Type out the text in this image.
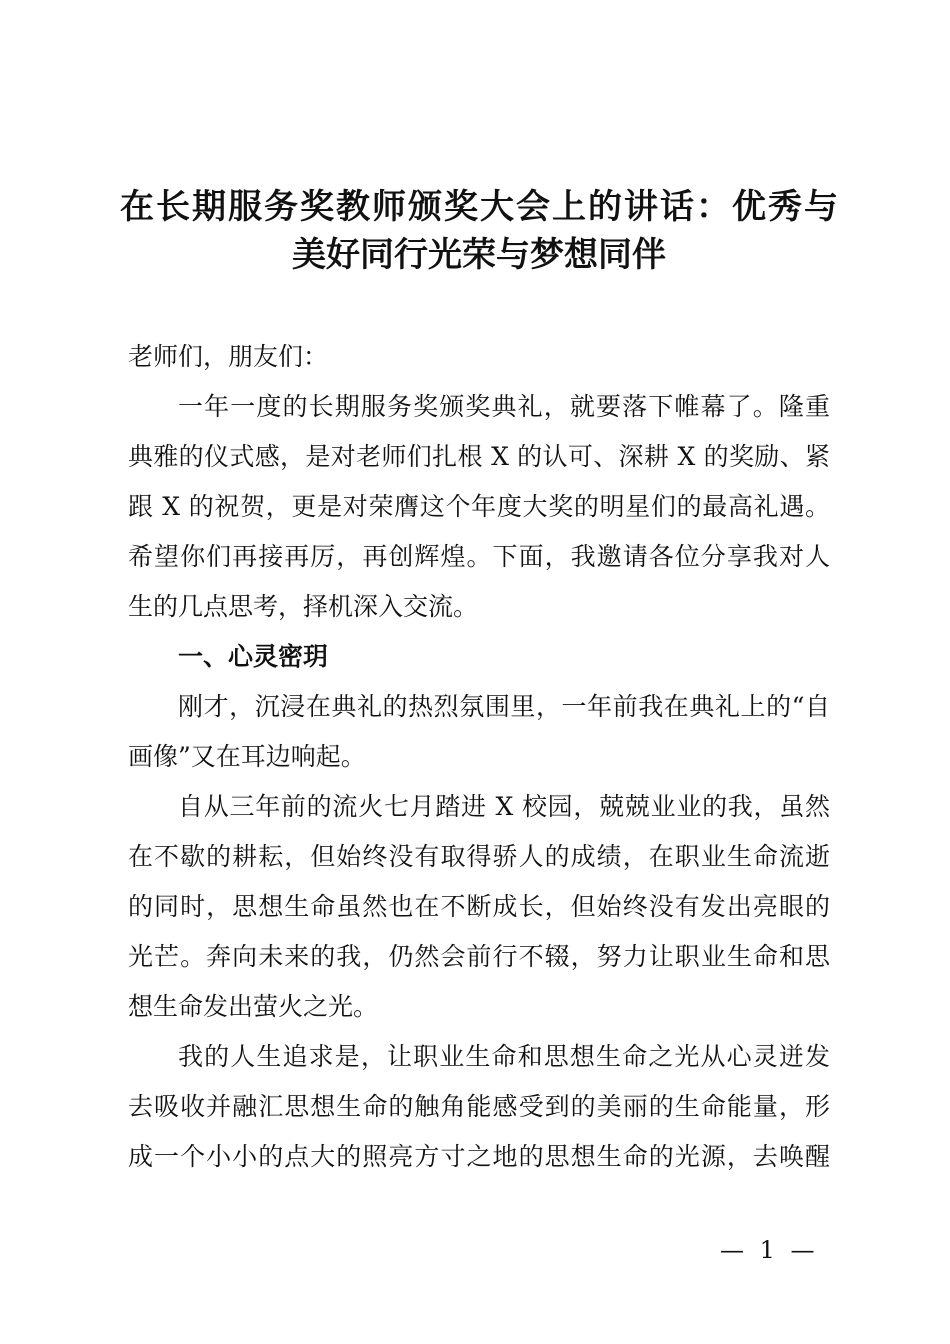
在长期服务奖教师颁奖大会上的讲话：优秀与
美好同行光荣与梦想同伴
老师们，朋友们：
一年一度的长期服务奖颁奖典礼，就要落下帷幕了。隆重
典雅的仪式感，是对老师们扎根 X 的认可、深耕 X 的奖励、紧
跟 X 的祝贺，更是对荣膺这个年度大奖的明星们的最高礼遇。
希望你们再接再厉，再创辉煌。下面，我邀请各位分享我对人
生的几点思考，择机深入交流。
一、心灵密玥
刚才，沉浸在典礼的热烈氛围里，一年前我在典礼上的“自
画像”又在耳边响起。
自从三年前的流火七月踏进 X 校园，兢兢业业的我，虽然
在不歇的耕耘，但始终没有取得骄人的成绩，在职业生命流逝
的同时，思想生命虽然也在不断成长，但始终没有发出亮眼的
光芒。奔向未来的我，仍然会前行不辍，努力让职业生命和思
想生命发出萤火之光。
我的人生追求是，让职业生命和思想生命之光从心灵迸发
去吸收并融汇思想生命的触角能感受到的美丽的生命能量，形
成一个小小的点大的照亮方寸之地的思想生命的光源，去唤醒
— 1 —
